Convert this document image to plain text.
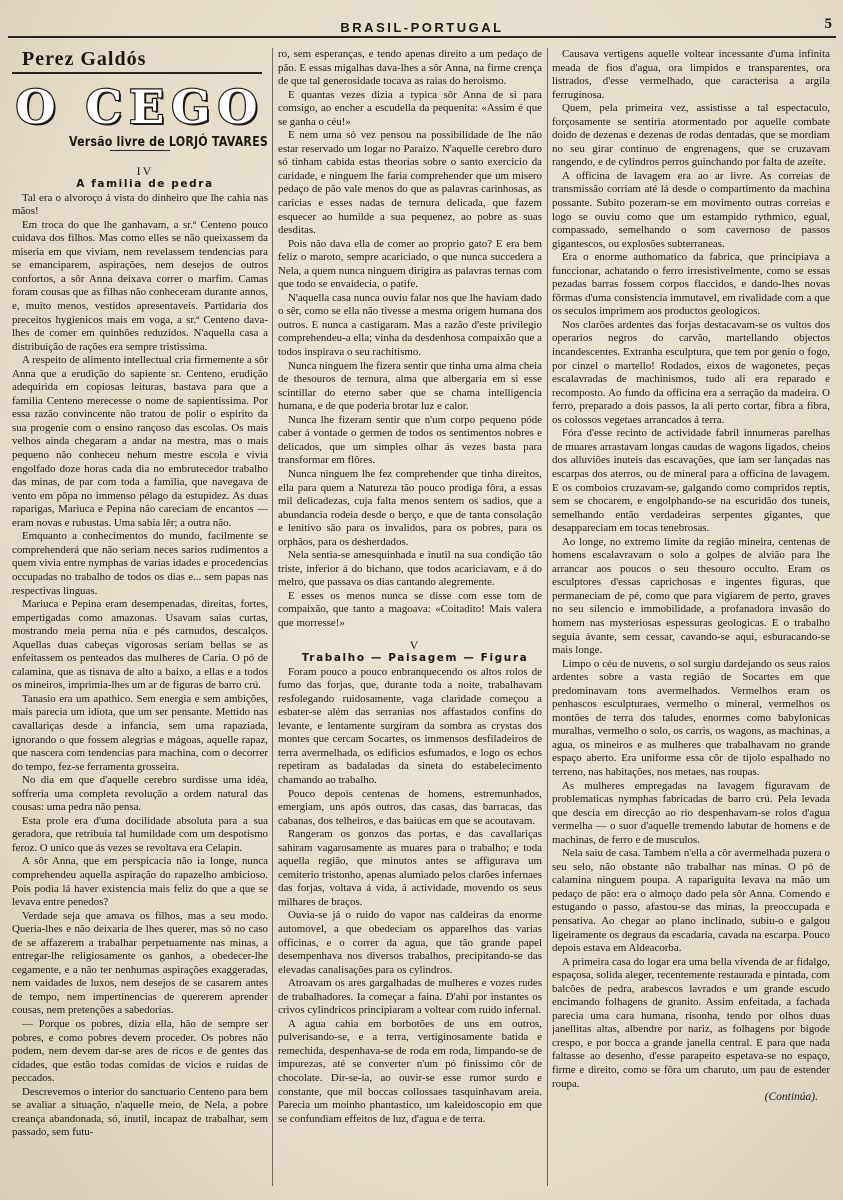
BRASIL-PORTUGAL	5

Perez Galdós

O CEGO

Versão livre de LORJÓ TAVARES

IV

A familia de pedra

Tal era o alvoroço á vista do dinheiro que lhe cahia nas mãos!

Em troca do que lhe ganhavam, a sr.ª Centeno pouco cuidava dos filhos. Mas como elles se não queixassem da miseria em que viviam, nem revelassem tendencias para se emanciparem, aspirações, nem desejos de outros confortos, a sôr Anna deixava correr o marfim. Camas foram cousas que as filhas não conheceram durante annos, e, muito menos, vestidos apresentaveis. Partidaria dos preceitos hygienicos mais em voga, a sr.ª Centeno dava-lhes de comer em quinhões reduzidos. N'aquella casa a distribuição de rações era sempre tristissima.

A respeito de alimento intellectual cria firmemente a sôr Anna que a erudição do sapiente sr. Centeno, erudição adequirida em copiosas leituras, bastava para que a familia Centeno merecesse o nome de sapientissima. Por essa razão convincente não tratou de polir o espirito da sua progenie com o ensino rançoso das escolas. Os mais velhos ainda chegaram a andar na mestra, mas o mais pequeno não conheceu nehum mestre escola e vivia engolfado doze horas cada dia no embrutecedor trabalho das minas, de par com toda a familia, que navegava de vento em pôpa no immenso pélago da estupidez. As duas raparigas, Mariuca e Pepina não careciam de encantos — eram novas e rubustas. Uma sabia lêr; a outra não.

Emquanto a conhecimentos do mundo, facilmente se comprehenderá que não seriam neces sarios rudimentos a quem vivia entre nymphas de varias idades e procedencias occupadas no trabalho de todos os dias e... sem papas nas respectivas linguas.

Mariuca e Pepina eram desempenadas, direitas, fortes, empertigadas como amazonas. Usavam saias curtas, mostrando meia perna nüa e pés carnudos, descalços. Aquellas duas cabeças vigorosas seriam bellas se as enfeitassem os penteados das mulheres de Caria. O pó de calamina, que as tisnava de alto a baixo, a ellas e a todos os mineiros, imprimia-lhes um ar de figuras de barro crú.

Tanasio era um apathico. Sem energia e sem ambições, mais parecia um idiota, que um ser pensante. Mettido nas cavallariças desde a infancia, sem uma rapaziada, ignorando o que fossem alegrias e mágoas, aquelle rapaz, que nascera com tendencias para machina, com o decorrer do tempo, fez-se ferramenta grosseira.

No dia em que d'aquelle cerebro surdisse uma idéa, soffreria uma completa revolução a ordem natural das cousas: uma pedra não pensa.

Esta prole era d'uma docilidade absoluta para a sua geradora, que retribuia tal humildade com um despotismo feroz. O unico que ás vezes se revoltava era Celapin.

A sôr Anna, que em perspicacia não ia longe, nunca comprehendeu aquella aspiração do rapazelho ambicioso. Pois podia lá haver existencia mais feliz do que a que se levava entre penedos?

Verdade seja que amava os filhos, mas a seu modo. Queria-lhes e não deixaria de lhes querer, mas só no caso de se affazerem a trabalhar perpetuamente nas minas, a entregar-lhe religiosamente os ganhos, a obedecer-lhe cegamente, e a não ter nenhumas aspirações exaggeradas, nem vaidades de luxos, nem desejos de se casarem antes de tempo, nem impertinencias de quererem aprender cousas, nem pretenções a sabedorias.

— Porque os pobres, dizia ella, hão de sempre ser pobres, e como pobres devem proceder. Os pobres não podem, nem devem dar-se ares de ricos e de gentes das cidades, que estão todas comidas de vicios e ruidas de peccados.

Descrevemos o interior do sanctuario Centeno para bem se avaliar a situação, n'aquelle meio, de Nela, a pobre creança abandonada, só, inutil, incapaz de trabalhar, sem passado, sem futu-

ro, sem esperanças, e tendo apenas direito a um pedaço de pão. E essas migalhas dava-lhes a sôr Anna, na firme crença de que tal generosidade tocava as raias do heroismo.

E quantas vezes dizia a typica sôr Anna de si para comsigo, ao encher a escudella da pequenita: «Assim é que se ganha o céu!»

E nem uma só vez pensou na possibilidade de lhe não estar reservado um logar no Paraizo. N'aquelle cerebro duro só tinham cabida estas theorias sobre o santo exercicio da caridade, e ninguem lhe faria comprehender que um misero pedaço de pão vale menos do que as palavras carinhosas, as caricias e esses nadas de ternura delicada, que fazem esquecer ao humilde a sua pequenez, ao pobre as suas desditas.

Pois não dava ella de comer ao proprio gato? E era bem feliz o maroto, sempre acariciado, o que nunca succedera a Nela, a quem nunca ninguem dirigira as palavras ternas com que todo se envaidecia, o patife.

N'aquella casa nunca ouviu falar nos que lhe haviam dado o sêr, como se ella não tivesse a mesma origem humana dos outros. E nunca a castigaram. Mas a razão d'este privilegio comprehendeu-a ella; vinha da desdenhosa compaixão que a todos inspirava o seu rachitismo.

Nunca ninguem lhe fizera sentir que tinha uma alma cheia de thesouros de ternura, alma que albergaria em si esse scintillar do eterno saber que se chama intelligencia humana, e de que poderia brotar luz e calor.

Nunca lhe fizeram sentir que n'um corpo pequeno póde caber á vontade o germen de todos os sentimentos nobres e delicados, que um simples olhar ás vezes basta para transformar em flôres.

Nunca ninguem lhe fez comprehender que tinha direitos, ella para quem a Natureza tão pouco prodiga fôra, a essas mil delicadezas, cuja falta menos sentem os sadios, que a abundancia rodeia desde o berço, e que de tanta consolação e lenitivo são para os invalidos, para os pobres, para os orphãos, para os desherdados.

Nela sentia-se amesquinhada e inutil na sua condição tão triste, inferior á do bichano, que todos acariciavam, e á do melro, que passava os dias cantando alegremente.

E esses os menos nunca se disse com esse tom de compaixão, que tanto a magoava: «Coitadito! Mais valera que morresse!»

V

Trabalho — Paisagem — Figura

Foram pouco a pouco enbranquecendo os altos rolos de fumo das forjas, que, durante toda a noite, trabalhavam resfolegando ruidosamente, vaga claridade começou a esbater-se além das serranias nos affastados confins do levante, e lentamente surgiram da sombra as crystas dos montes que cercam Socartes, os immensos desfiladeiros de terra avermelhada, os edificios esfumados, e logo os echos repetiram as badaladas da sineta do estabelecimento chamando ao trabalho.

Pouco depois centenas de homens, estremunhados, emergiam, uns após outros, das casas, das barracas, das cabanas, dos telheiros, e das baiúcas em que se acoutavam.

Rangeram os gonzos das portas, e das cavallariças sahiram vagarosamente as muares para o trabalho; e toda aquella região, que minutos antes se affigurava um cemiterio tristonho, apenas alumiado pelos clarões infernaes das forjas, voltava á vida, á actividade, movendo os seus milhares de braços.

Ouvia-se já o ruido do vapor nas caldeiras da enorme automovel, a que obedeciam os apparelhos das varias officinas, e o correr da agua, que tão grande papel desempenhava nos diversos trabalhos, precipitando-se das elevadas canalisações para os cylindros.

Atroavam os ares gargalhadas de mulheres e vozes rudes de trabalhadores. Ia começar a faina. D'ahi por instantes os crivos cylindricos principiaram a voltear com ruido infernal.

A agua cahia em borbotões de uns em outros, pulverisando-se, e a terra, vertiginosamente batida e remechida, despenhava-se de roda em roda, limpando-se de impurezas, até se converter n'um pó finissimo côr de chocolate. Dir-se-ia, ao ouvir-se esse rumor surdo e constante, que mil boccas collossaes tasquinhavam areia. Parecia um moinho phantastico, um kaleidoscopio em que se confundiam effeitos de luz, d'agua e de terra.

Causava vertigens aquelle voltear incessante d'uma infinita meada de fios d'agua, ora limpidos e transparentes, ora listrados, d'esse vermelhado, que caracterisa a argila ferruginosa.

Quem, pela primeira vez, assistisse a tal espectaculo, forçosamente se sentiria atormentado por aquelle combate doido de dezenas e dezenas de rodas dentadas, que se mordiam no seu girar continuo de engrenagens, que se cruzavam rangendo, e de cylindros perros guinchando por falta de azeite.

A officina de lavagem era ao ar livre. As correias de transmissão corriam até lá desde o compartimento da machina possante. Subito pozeram-se em movimento outras correias e logo se ouviu como que um estampido rythmico, egual, compassado, semelhando o som cavernoso de passos gigantescos, ou explosões subterraneas.

Era o enorme authomatico da fabrica, que principiava a funccionar, achatando o ferro irresistivelmente, como se essas pezadas barras fossem corpos flaccidos, e dando-lhes novas fôrmas d'uma consistencia immutavel, em rivalidade com a que os seculos imprimem aos productos geologicos.

Nos clarões ardentes das forjas destacavam-se os vultos dos operarios negros do carvão, martellando objectos incandescentes. Extranha esculptura, que tem por genio o fogo, por cinzel o martello! Rodados, eixos de wagonetes, peças escalavradas de machinismos, tudo ali era reparado e recomposto. Ao fundo da officina era a serração da madeira. O ferro, preparado a dois passos, la ali perto cortar, fibra a fibra, os colossos vegetaes arrancados á terra.

Fóra d'esse recinto de actividade fabril innumeras parelhas de muares arrastavam longas caudas de wagons ligados, cheios dos alluviões inuteis das escavações, que iam ser lançadas nas escarpas dos aterros, ou de mineral para a officina de lavagem. E os comboios cruzavam-se, galgando como compridos reptis, sem se chocarem, e engolphando-se na escuridão dos tuneis, semelhando então verdadeiras serpentes gigantes, que desappareciam em tocas tenebrosas.

Ao longe, no extremo limite da região mineira, centenas de homens escalavravam o solo a golpes de alvião para lhe arrancar aos poucos o seu thesouro occulto. Eram os esculptores d'essas caprichosas e ingentes figuras, que permaneciam de pé, como que para vigiarem de perto, graves no seu silencio e immobilidade, a profanadora invasão do homem nas mysteriosas espessuras geologicas. E o trabalho seguia ávante, sem cessar, cavando-se aqui, esburacando-se mais longe.

Limpo o céu de nuvens, o sol surgiu dardejando os seus raios ardentes sobre a vasta região de Socartes em que predominavam tons avermelhados. Vermelhos eram os penhascos esculpturaes, vermelho o mineral, vermelhos os montões de terra dos taludes, enormes como babylonicas muralhas, vermelho o solo, os carris, os wagons, as machinas, a agua, os mineiros e as mulheres que trabalhavam no grande espaço aberto. Era uniforme essa côr de tijolo espalhado no terreno, nas habitações, nos metaes, nas roupas.

As mulheres empregadas na lavagem figuravam de problematicas nymphas fabricadas de barro crú. Pela levada que descia em direcção ao rio despenhavam-se rolos d'agua vermelha — o suor d'aquelle tremendo labutar de homens e de machinas, de ferro e de musculos.

Nela saiu de casa. Tambem n'ella a côr avermelhada puzera o seu selo, não obstante não trabalhar nas minas. O pó de calamina ninguem poupa. A rapariguita levava na mão um pedaço de pão: era o almoço dado pela sôr Anna. Comendo e estugando o passo, afastou-se das minas, la preoccupada e pensativa. Ao chegar ao plano inclinado, subiu-o e galgou ligeiramente os degraus da escadaria, cavada na escarpa. Pouco depois estava em Aldeacorba.

A primeira casa do logar era uma bella vivenda de ar fidalgo, espaçosa, solida aleger, recentemente restaurada e pintada, com balcões de pedra, arabescos lavrados e um grande escudo encimando folhagens de granito. Assim enfeitada, a fachada parecia uma cara humana, risonha, tendo por olhos duas janellitas altas, albendre por nariz, as folhagens por bigode crespo, e por bocca a grande janella central. E para que nada faltasse ao desenho, d'esse parapeito espetava-se no espaço, firme e direito, como se fôra um charuto, um pau de estender roupa.

(Continúa).
